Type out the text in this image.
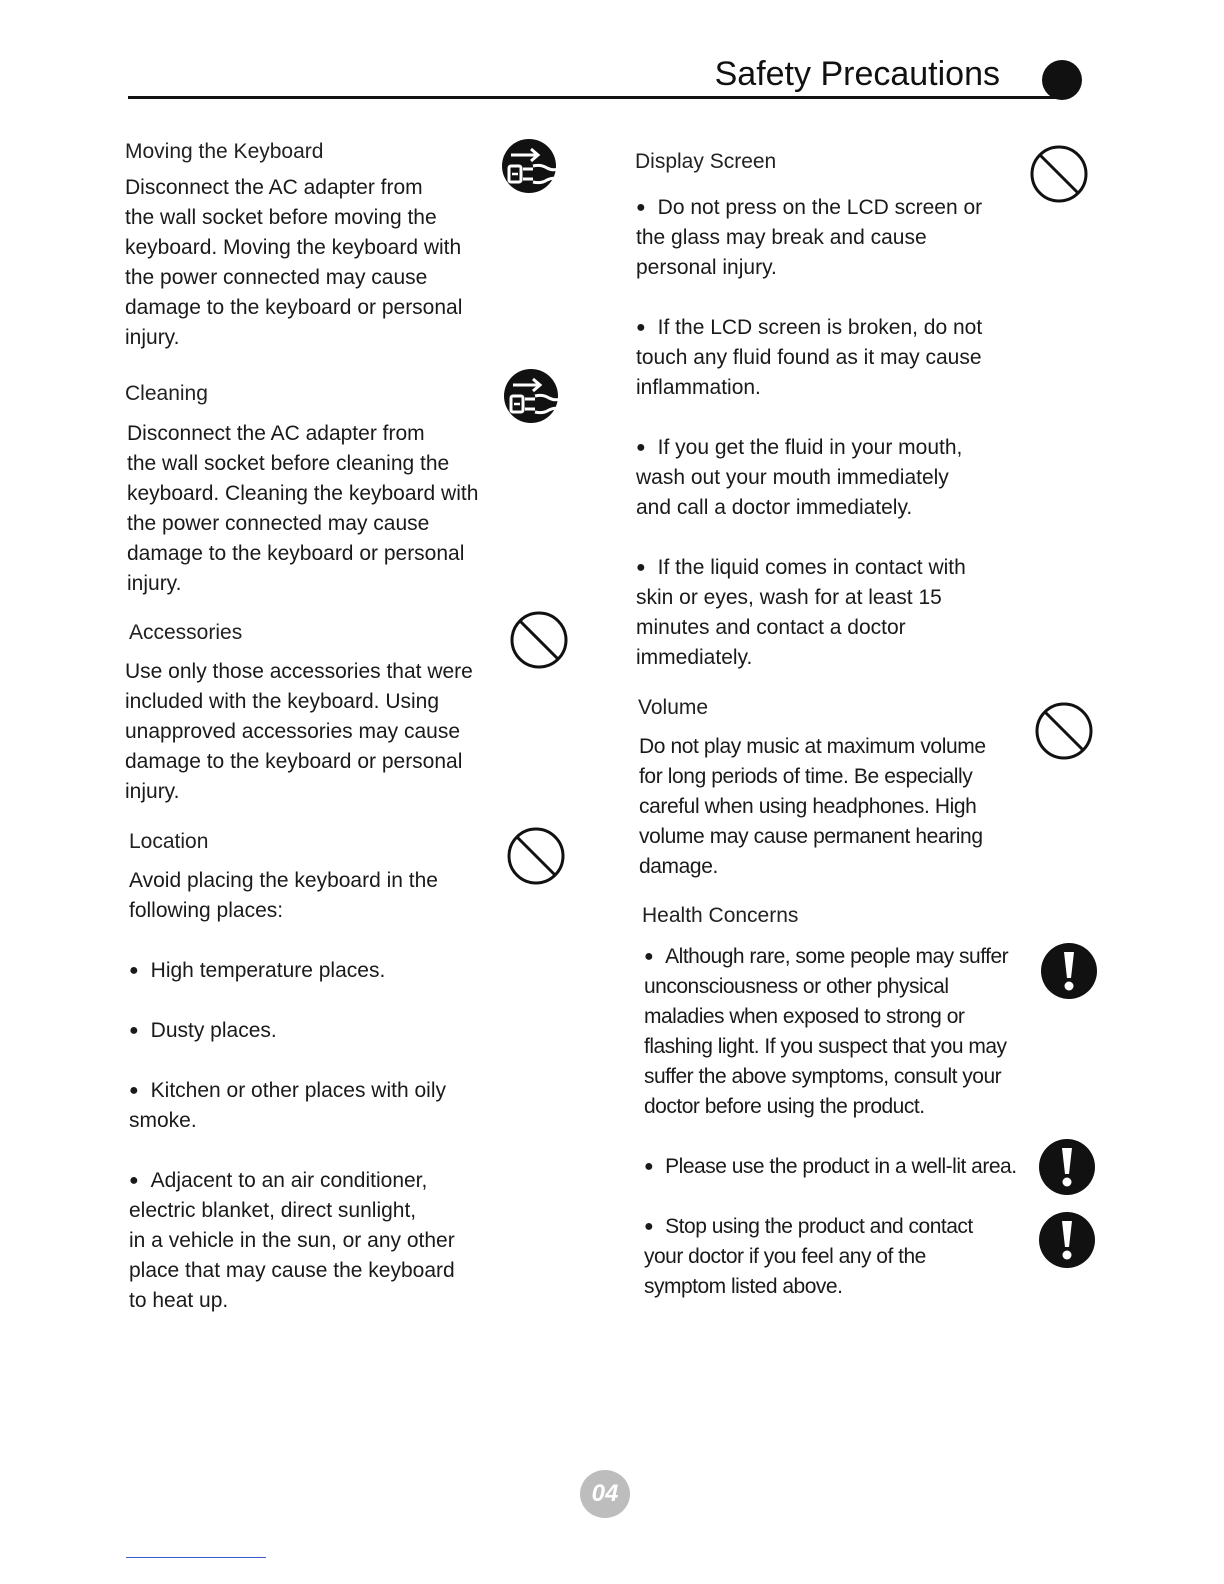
Safety Precautions
Moving the Keyboard
Disconnect the AC adapter from
the wall socket before moving the
keyboard. Moving the keyboard with
the power connected may cause
damage to the keyboard or personal
injury.
Cleaning
Disconnect the AC adapter from
the wall socket before cleaning the
keyboard. Cleaning the keyboard with
the power connected may cause
damage to the keyboard or personal
injury.
Accessories
Use only those accessories that were
included with the keyboard. Using
unapproved accessories may cause
damage to the keyboard or personal
injury.
Location
Avoid placing the keyboard in the
following places:
● High temperature places.
● Dusty places.
● Kitchen or other places with oily
smoke.
● Adjacent to an air conditioner,
electric blanket, direct sunlight,
in a vehicle in the sun, or any other
place that may cause the keyboard
to heat up.
Display Screen
● Do not press on the LCD screen or
the glass may break and cause
personal injury.
● If the LCD screen is broken, do not
touch any fluid found as it may cause
inflammation.
● If you get the fluid in your mouth,
wash out your mouth immediately
and call a doctor immediately.
● If the liquid comes in contact with
skin or eyes, wash for at least 15
minutes and contact a doctor
immediately.
Volume
Do not play music at maximum volume
for long periods of time. Be especially
careful when using headphones. High
volume may cause permanent hearing
damage.
Health Concerns
● Although rare, some people may suffer
unconsciousness or other physical
maladies when exposed to strong or
flashing light. If you suspect that you may
suffer the above symptoms, consult your
doctor before using the product.
● Please use the product in a well-lit area.
● Stop using the product and contact
your doctor if you feel any of the
symptom listed above.
04
